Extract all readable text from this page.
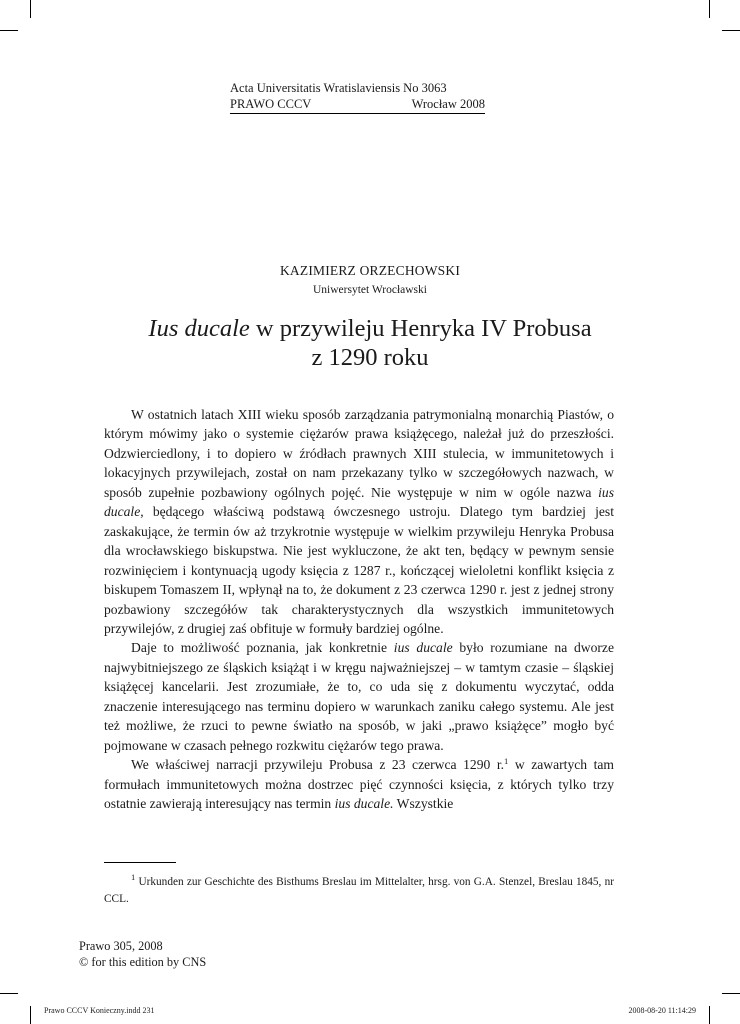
Acta Universitatis Wratislaviensis No 3063
PRAWO CCCV	Wrocław 2008
KAZIMIERZ ORZECHOWSKI
Uniwersytet Wrocławski
Ius ducale w przywileju Henryka IV Probusa
z 1290 roku

W ostatnich latach XIII wieku sposób zarządzania patrymonialną monarchią Piastów, o którym mówimy jako o systemie ciężarów prawa książęcego, należał już do przeszłości. Odzwierciedlony, i to dopiero w źródłach prawnych XIII stulecia, w immunitetowych i lokacyjnych przywilejach, został on nam przekazany tylko w szczegółowych nazwach, w sposób zupełnie pozbawiony ogólnych pojęć. Nie występuje w nim w ogóle nazwa ius ducale, będącego właściwą podstawą ówczesnego ustroju. Dlatego tym bardziej jest zaskakujące, że termin ów aż trzykrotnie występuje w wielkim przywileju Henryka Probusa dla wrocławskiego biskupstwa. Nie jest wykluczone, że akt ten, będący w pewnym sensie rozwinięciem i kontynuacją ugody księcia z 1287 r., kończącej wieloletni konflikt księcia z biskupem Tomaszem II, wpłynął na to, że dokument z 23 czerwca 1290 r. jest z jednej strony pozbawiony szczegółów tak charakterystycznych dla wszystkich immunitetowych przywilejów, z drugiej zaś obfituje w formuły bardziej ogólne.

Daje to możliwość poznania, jak konkretnie ius ducale było rozumiane na dworze najwybitniejszego ze śląskich książąt i w kręgu najważniejszej – w tamtym czasie – śląskiej książęcej kancelarii. Jest zrozumiałe, że to, co uda się z dokumentu wyczytać, odda znaczenie interesującego nas terminu dopiero w warunkach zaniku całego systemu. Ale jest też możliwe, że rzuci to pewne światło na sposób, w jaki „prawo książęce” mogło być pojmowane w czasach pełnego rozkwitu ciężarów tego prawa.

We właściwej narracji przywileju Probusa z 23 czerwca 1290 r.$^1$ w zawartych tam formułach immunitetowych można dostrzec pięć czynności księcia, z których tylko trzy ostatnie zawierają interesujący nas termin ius ducale. Wszystkie

$^1$ Urkunden zur Geschichte des Bisthums Breslau im Mittelalter, hrsg. von G.A. Stenzel, Breslau 1845, nr CCL.

Prawo 305, 2008
© for this edition by CNS
Prawo CCCV Konieczny.indd 231	2008-08-20 11:14:29
